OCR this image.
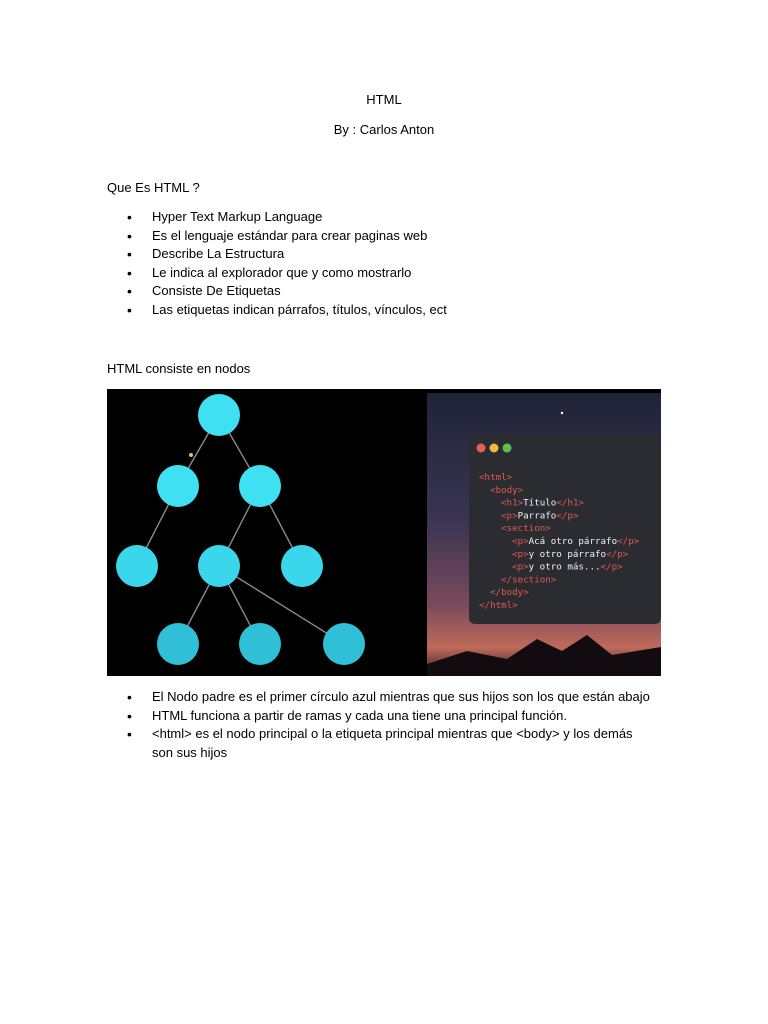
HTML
By : Carlos Anton
Que Es HTML ?
• Hyper Text Markup Language
• Es el lenguaje estándar para crear paginas web
• Describe La Estructura
• Le indica al explorador que y como mostrarlo
• Consiste De Etiquetas
• Las etiquetas indican párrafos, títulos, vínculos, ect
HTML consiste en nodos
<html>
<body>
<h1>Título</h1>
<p>Parrafo</p>
<section>
<p>Acá otro párrafo</p>
<p>y otro párrafo</p>
<p>y otro más...</p>
</section>
</body>
</html>
• El Nodo padre es el primer círculo azul mientras que sus hijos son los que están abajo
• HTML funciona a partir de ramas y cada una tiene una principal función.
• <html> es el nodo principal o la etiqueta principal mientras que <body> y los demás son sus hijos
